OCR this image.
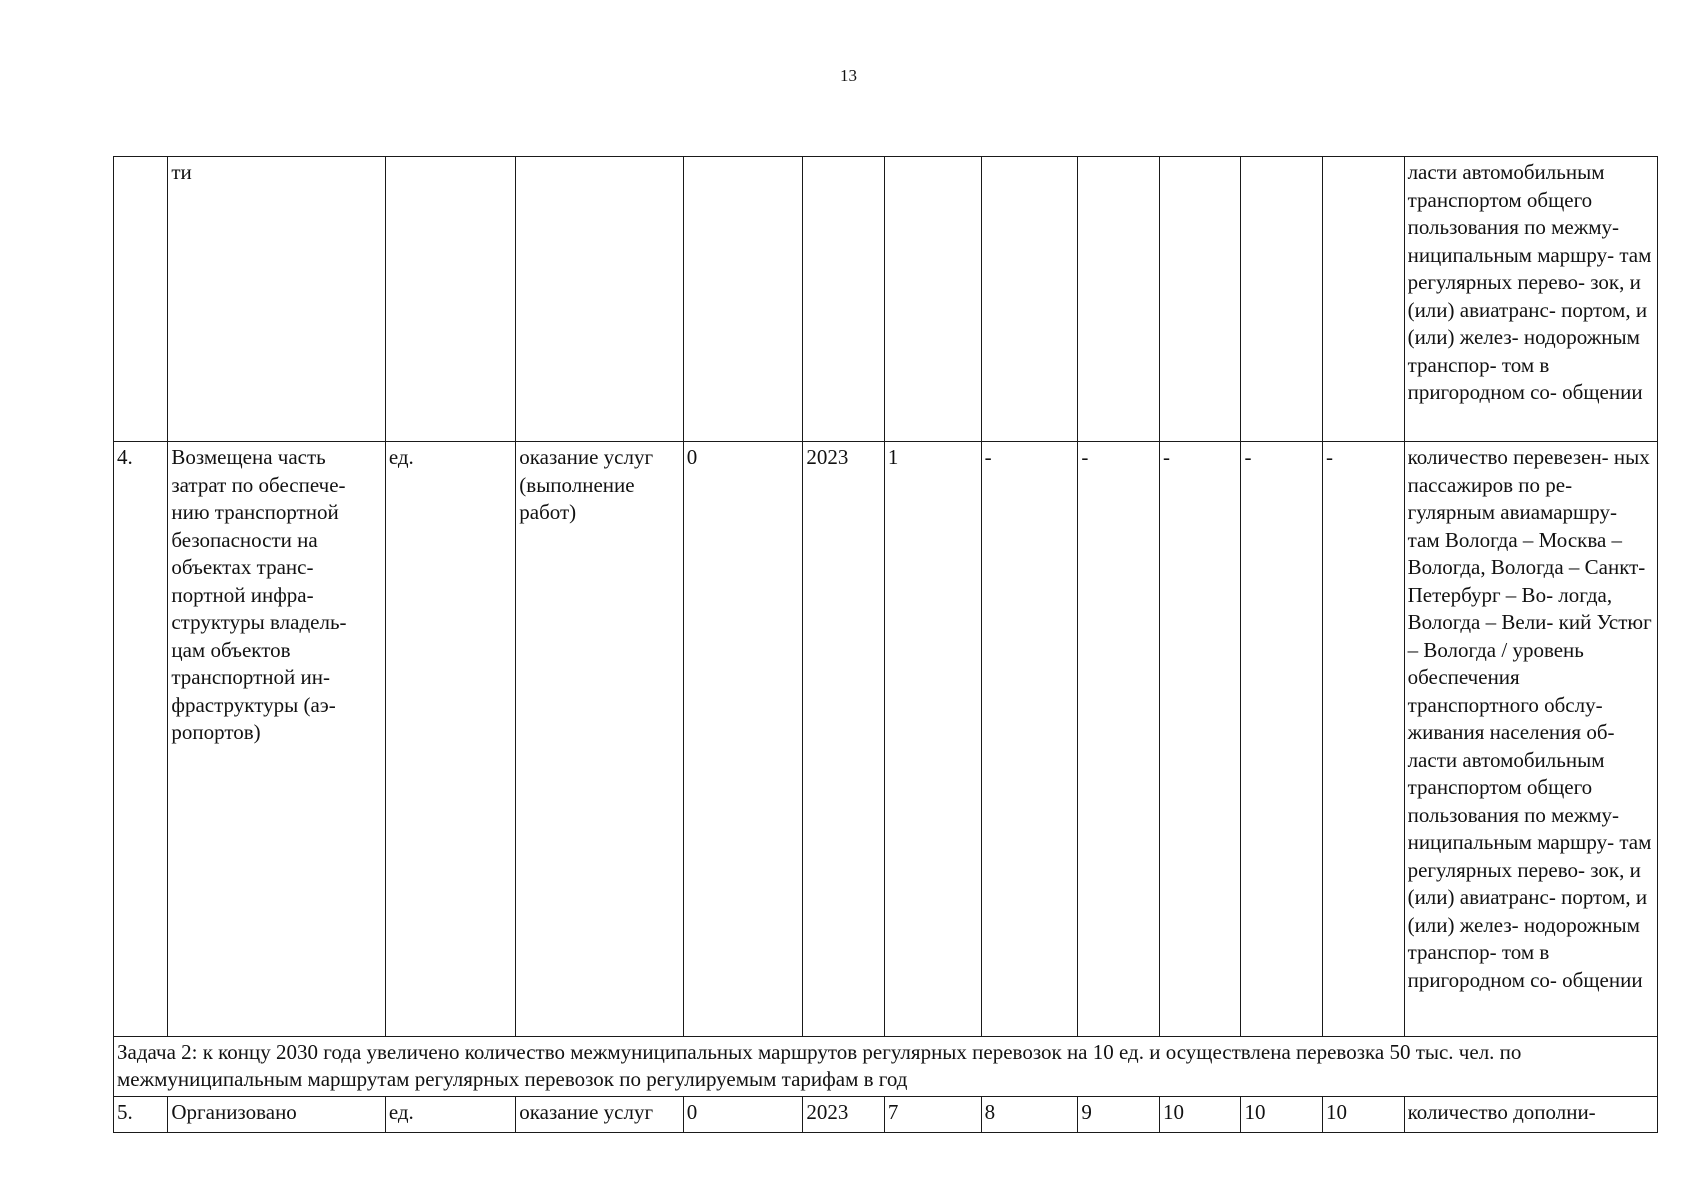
13
	ти											ласти автомобильным транспортом общего пользования по межму- ниципальным маршру- там регулярных перево- зок, и (или) авиатранс- портом, и (или) желез- нодорожным транспор- том в пригородном со- общении
4.	Возмещена часть затрат по обеспече- нию транспортной безопасности на объектах транс- портной инфра- структуры владель- цам объектов транспортной ин- фраструктуры (аэ- ропортов)	ед.	оказание услуг (выполнение работ)	0	2023	1	-	-	-	-	-	количество перевезен- ных пассажиров по ре- гулярным авиамаршру- там Вологда – Москва – Вологда, Вологда – Санкт-Петербург – Во- логда, Вологда – Вели- кий Устюг – Вологда / уровень обеспечения транспортного обслу- живания населения об- ласти автомобильным транспортом общего пользования по межму- ниципальным маршру- там регулярных перево- зок, и (или) авиатранс- портом, и (или) желез- нодорожным транспор- том в пригородном со- общении
Задача 2: к концу 2030 года увеличено количество межмуниципальных маршрутов регулярных перевозок на 10 ед. и осуществлена перевозка 50 тыс. чел. по межмуниципальным маршрутам регулярных перевозок по регулируемым тарифам в год												
5.	Организовано	ед.	оказание услуг	0	2023	7	8	9	10	10	10	количество дополни-
